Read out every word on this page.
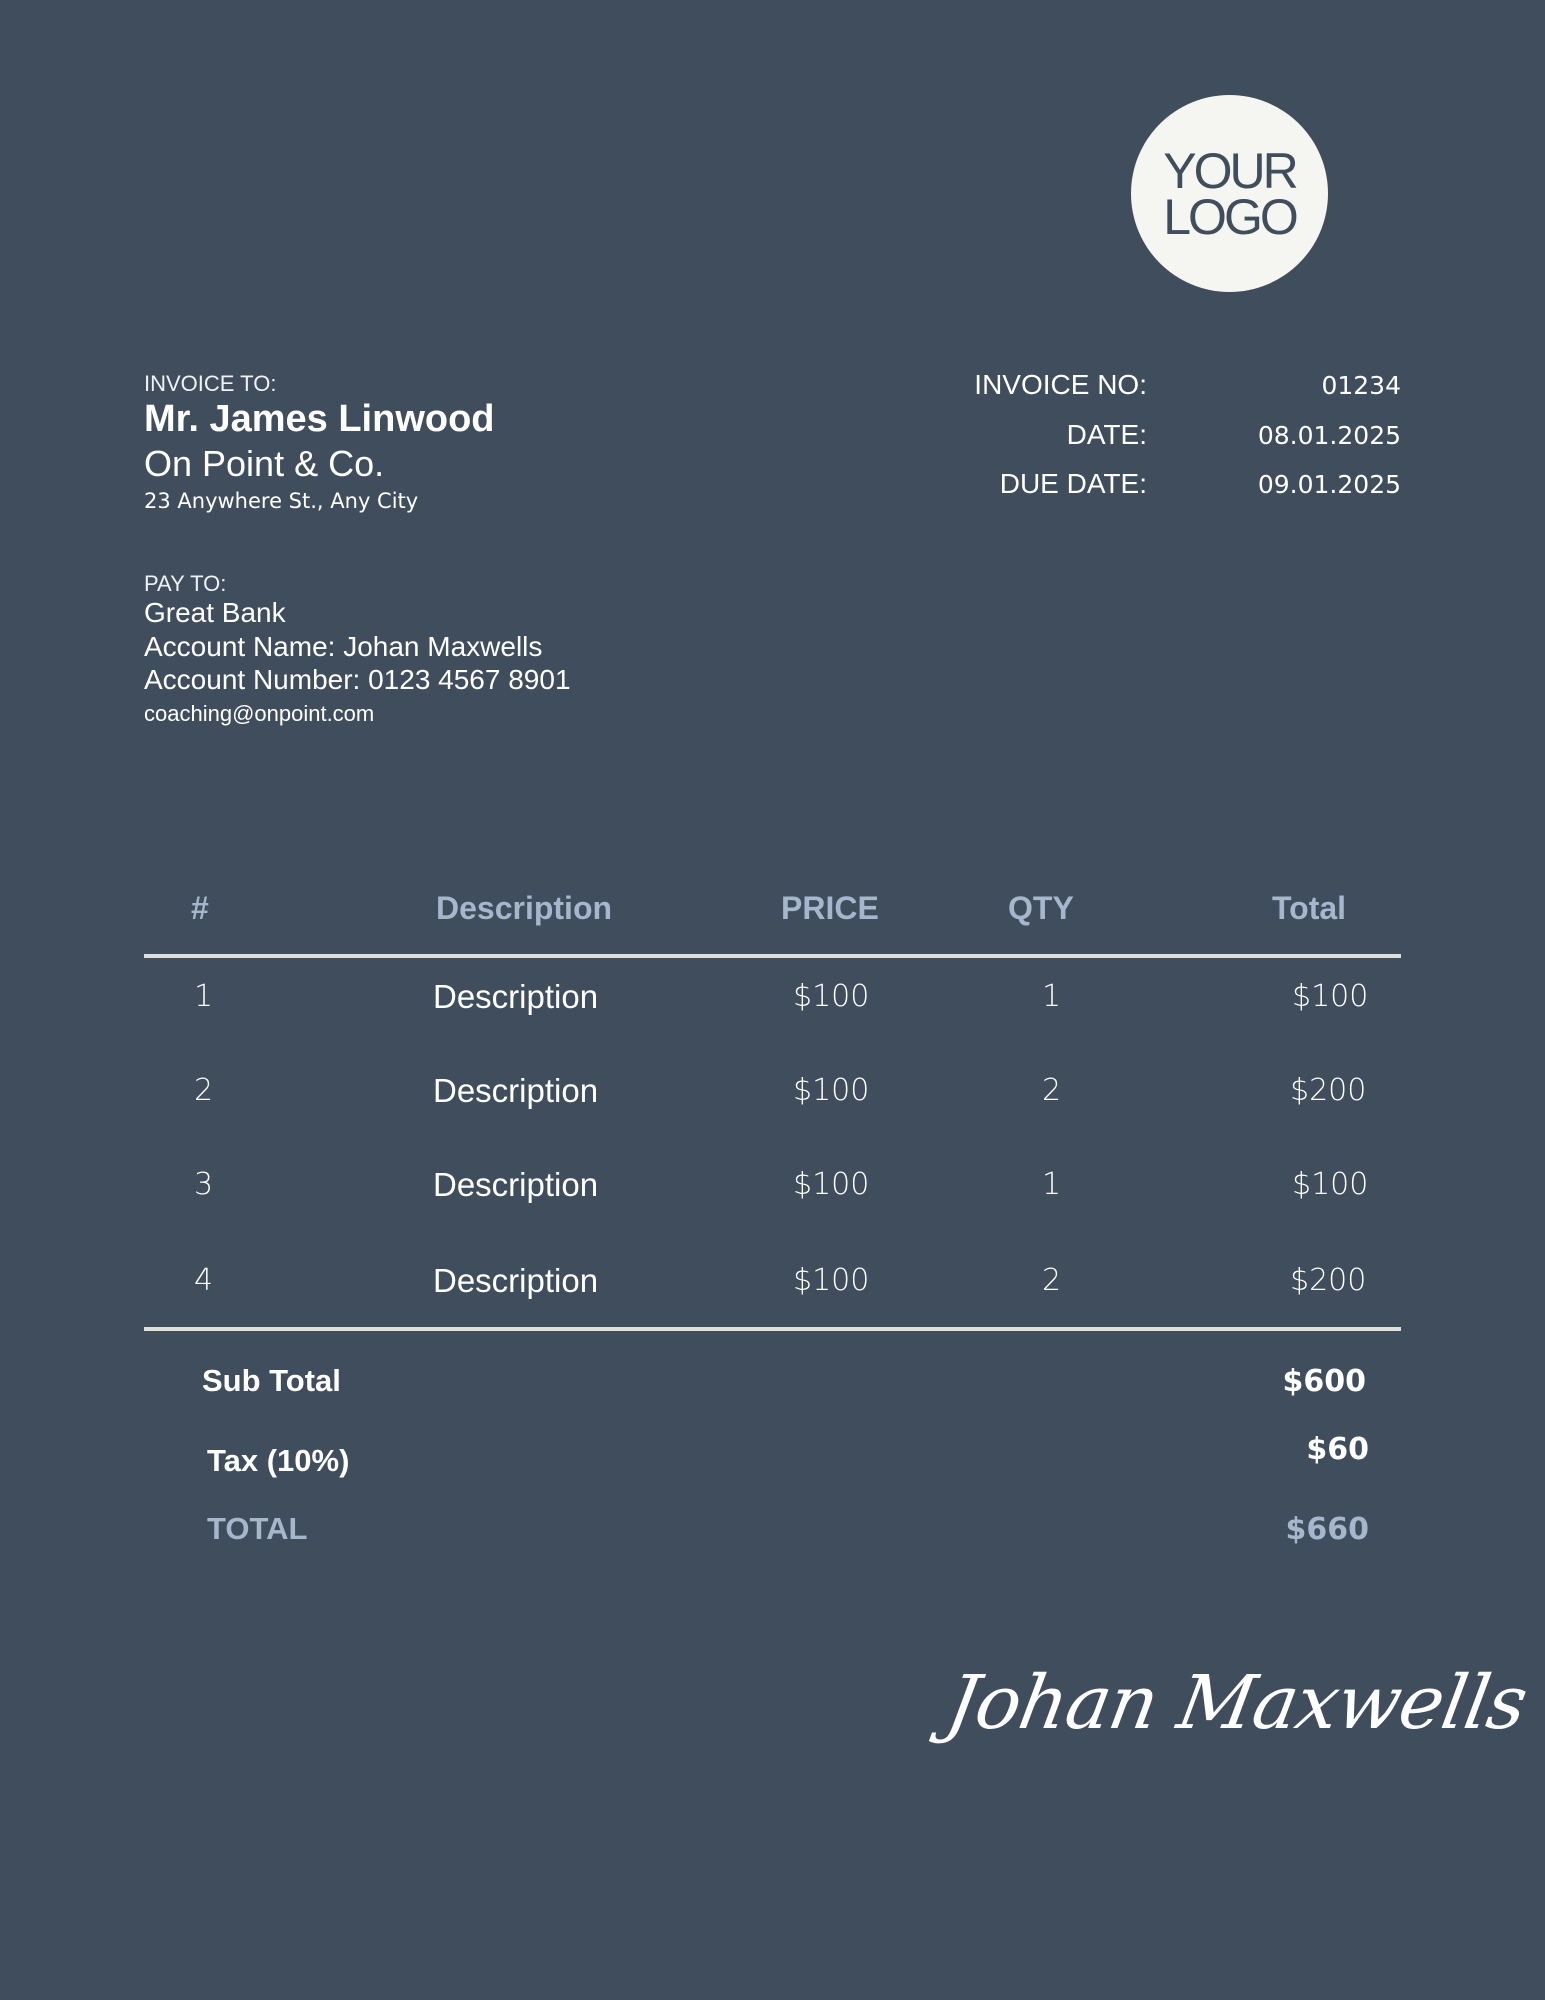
YOUR
LOGO

INVOICE TO:

Mr. James Linwood

On Point & Co.

23 Anywhere St., Any City

INVOICE NO:	01234

DATE:	08.01.2025

DUE DATE:	09.01.2025

PAY TO:

Great Bank

Account Name: Johan Maxwells

Account Number: 0123 4567 8901

coaching@onpoint.com

#	Description	PRICE	QTY	Total

1	Description	$100	1	$100

2	Description	$100	2	$200

3	Description	$100	1	$100

4	Description	$100	2	$200

Sub Total	$600

Tax (10%)	$60

TOTAL	$660

Johan Maxwells
